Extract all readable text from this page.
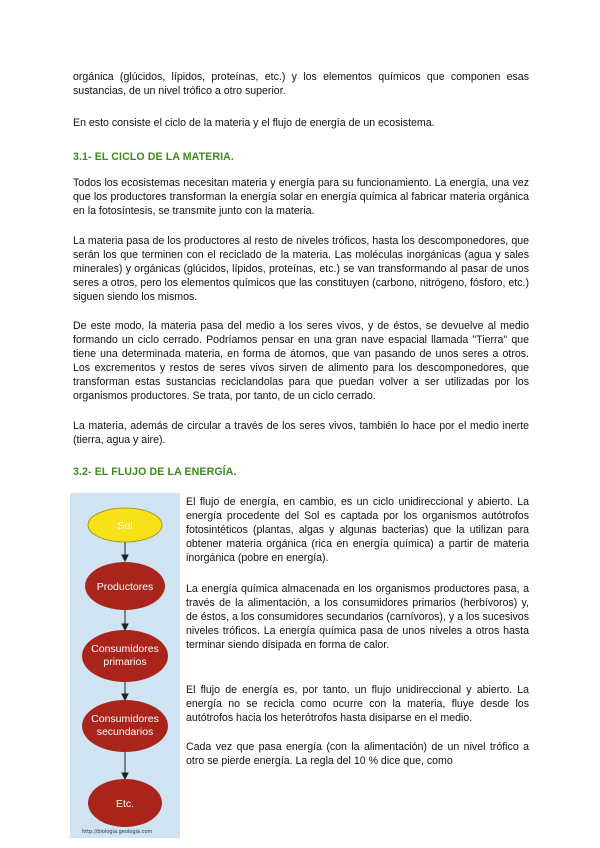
orgánica (glúcidos, lípidos, proteínas, etc.) y los elementos químicos que componen esas sustancias, de un nivel trófico a otro superior.

En esto consiste el ciclo de la materia y el flujo de energía de un ecosistema.

3.1- EL CICLO DE LA MATERIA.

Todos los ecosistemas necesitan materia y energía para su funcionamiento. La energía, una vez que los productores transforman la energía solar en energía química al fabricar materia orgánica en la fotosíntesis, se transmite junto con la materia.

La materia pasa de los productores al resto de niveles tróficos, hasta los descomponedores, que serán los que terminen con el reciclado de la materia. Las moléculas inorgánicas (agua y sales minerales) y orgánicas (glúcidos, lípidos, proteínas, etc.) se van transformando al pasar de unos seres a otros, pero los elementos químicos que las constituyen (carbono, nitrógeno, fósforo, etc.) siguen siendo los mismos.

De este modo, la materia pasa del medio a los seres vivos, y de éstos, se devuelve al medio formando un ciclo cerrado. Podríamos pensar en una gran nave espacial llamada "Tierra" que tiene una determinada materia, en forma de átomos, que van pasando de unos seres a otros. Los excrementos y restos de seres vivos sirven de alimento para los descomponedores, que transforman estas sustancias reciclandolas para que puedan volver a ser utilizadas por los organismos productores. Se trata, por tanto, de un ciclo cerrado.

La materia, además de circular a través de los seres vivos, también lo hace por el medio inerte (tierra, agua y aire).

3.2- EL FLUJO DE LA ENERGÍA.
Sol
Productores
Consumidores
primarios
Consumidores
secundarios
Etc.
http://biologia.geologia.com

El flujo de energía, en cambio, es un ciclo unidireccional y abierto. La energía procedente del Sol es captada por los organismos autótrofos fotosintéticos (plantas, algas y algunas bacterias) que la utilizan para obtener materia orgánica (rica en energía química) a partir de materia inorgánica (pobre en energía).

La energía química almacenada en los organismos productores pasa, a través de la alimentación, a los consumidores primarios (herbívoros) y, de éstos, a los consumidores secundarios (carnívoros), y a los sucesivos niveles tróficos. La energía química pasa de unos niveles a otros hasta terminar siendo disipada en forma de calor.

El flujo de energía es, por tanto, un flujo unidireccional y abierto. La energía no se recicla como ocurre con la materia, fluye desde los autótrofos hacia los heterótrofos hasta disiparse en el medio.

Cada vez que pasa energía (con la alimentación) de un nivel trófico a otro se pierde energía. La regla del 10 % dice que, como
